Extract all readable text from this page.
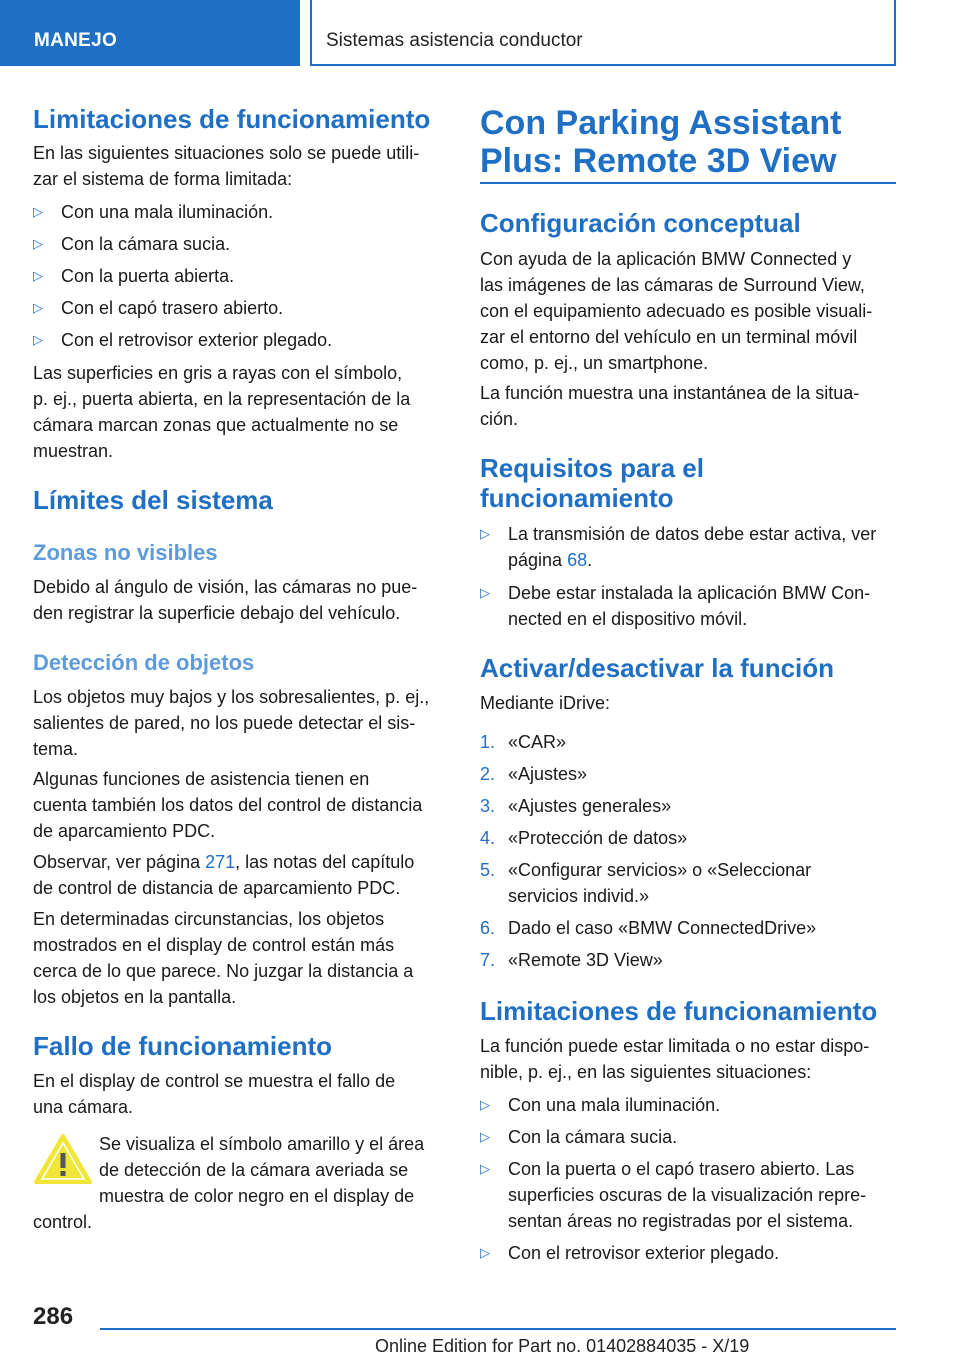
MANEJO	Sistemas asistencia conductor
Limitaciones de funcionamiento
En las siguientes situaciones solo se puede utili‐
zar el sistema de forma limitada:
▷ Con una mala iluminación.
▷ Con la cámara sucia.
▷ Con la puerta abierta.
▷ Con el capó trasero abierto.
▷ Con el retrovisor exterior plegado.
Las superficies en gris a rayas con el símbolo,
p. ej., puerta abierta, en la representación de la
cámara marcan zonas que actualmente no se
muestran.
Límites del sistema
Zonas no visibles
Debido al ángulo de visión, las cámaras no pue‐
den registrar la superficie debajo del vehículo.
Detección de objetos
Los objetos muy bajos y los sobresalientes, p. ej.,
salientes de pared, no los puede detectar el sis‐
tema.
Algunas funciones de asistencia tienen en
cuenta también los datos del control de distancia
de aparcamiento PDC.
Observar, ver página 271, las notas del capítulo
de control de distancia de aparcamiento PDC.
En determinadas circunstancias, los objetos
mostrados en el display de control están más
cerca de lo que parece. No juzgar la distancia a
los objetos en la pantalla.
Fallo de funcionamiento
En el display de control se muestra el fallo de
una cámara.
Se visualiza el símbolo amarillo y el área
de detección de la cámara averiada se
muestra de color negro en el display de
control.
Con Parking Assistant
Plus: Remote 3D View
Configuración conceptual
Con ayuda de la aplicación BMW Connected y
las imágenes de las cámaras de Surround View,
con el equipamiento adecuado es posible visuali‐
zar el entorno del vehículo en un terminal móvil
como, p. ej., un smartphone.
La función muestra una instantánea de la situa‐
ción.
Requisitos para el
funcionamiento
▷ La transmisión de datos debe estar activa, ver
página 68.
▷ Debe estar instalada la aplicación BMW Con‐
nected en el dispositivo móvil.
Activar/desactivar la función
Mediante iDrive:
1. «CAR»
2. «Ajustes»
3. «Ajustes generales»
4. «Protección de datos»
5. «Configurar servicios» o «Seleccionar
servicios individ.»
6. Dado el caso «BMW ConnectedDrive»
7. «Remote 3D View»
Limitaciones de funcionamiento
La función puede estar limitada o no estar dispo‐
nible, p. ej., en las siguientes situaciones:
▷ Con una mala iluminación.
▷ Con la cámara sucia.
▷ Con la puerta o el capó trasero abierto. Las
superficies oscuras de la visualización repre‐
sentan áreas no registradas por el sistema.
▷ Con el retrovisor exterior plegado.
286
Online Edition for Part no. 01402884035 - X/19
